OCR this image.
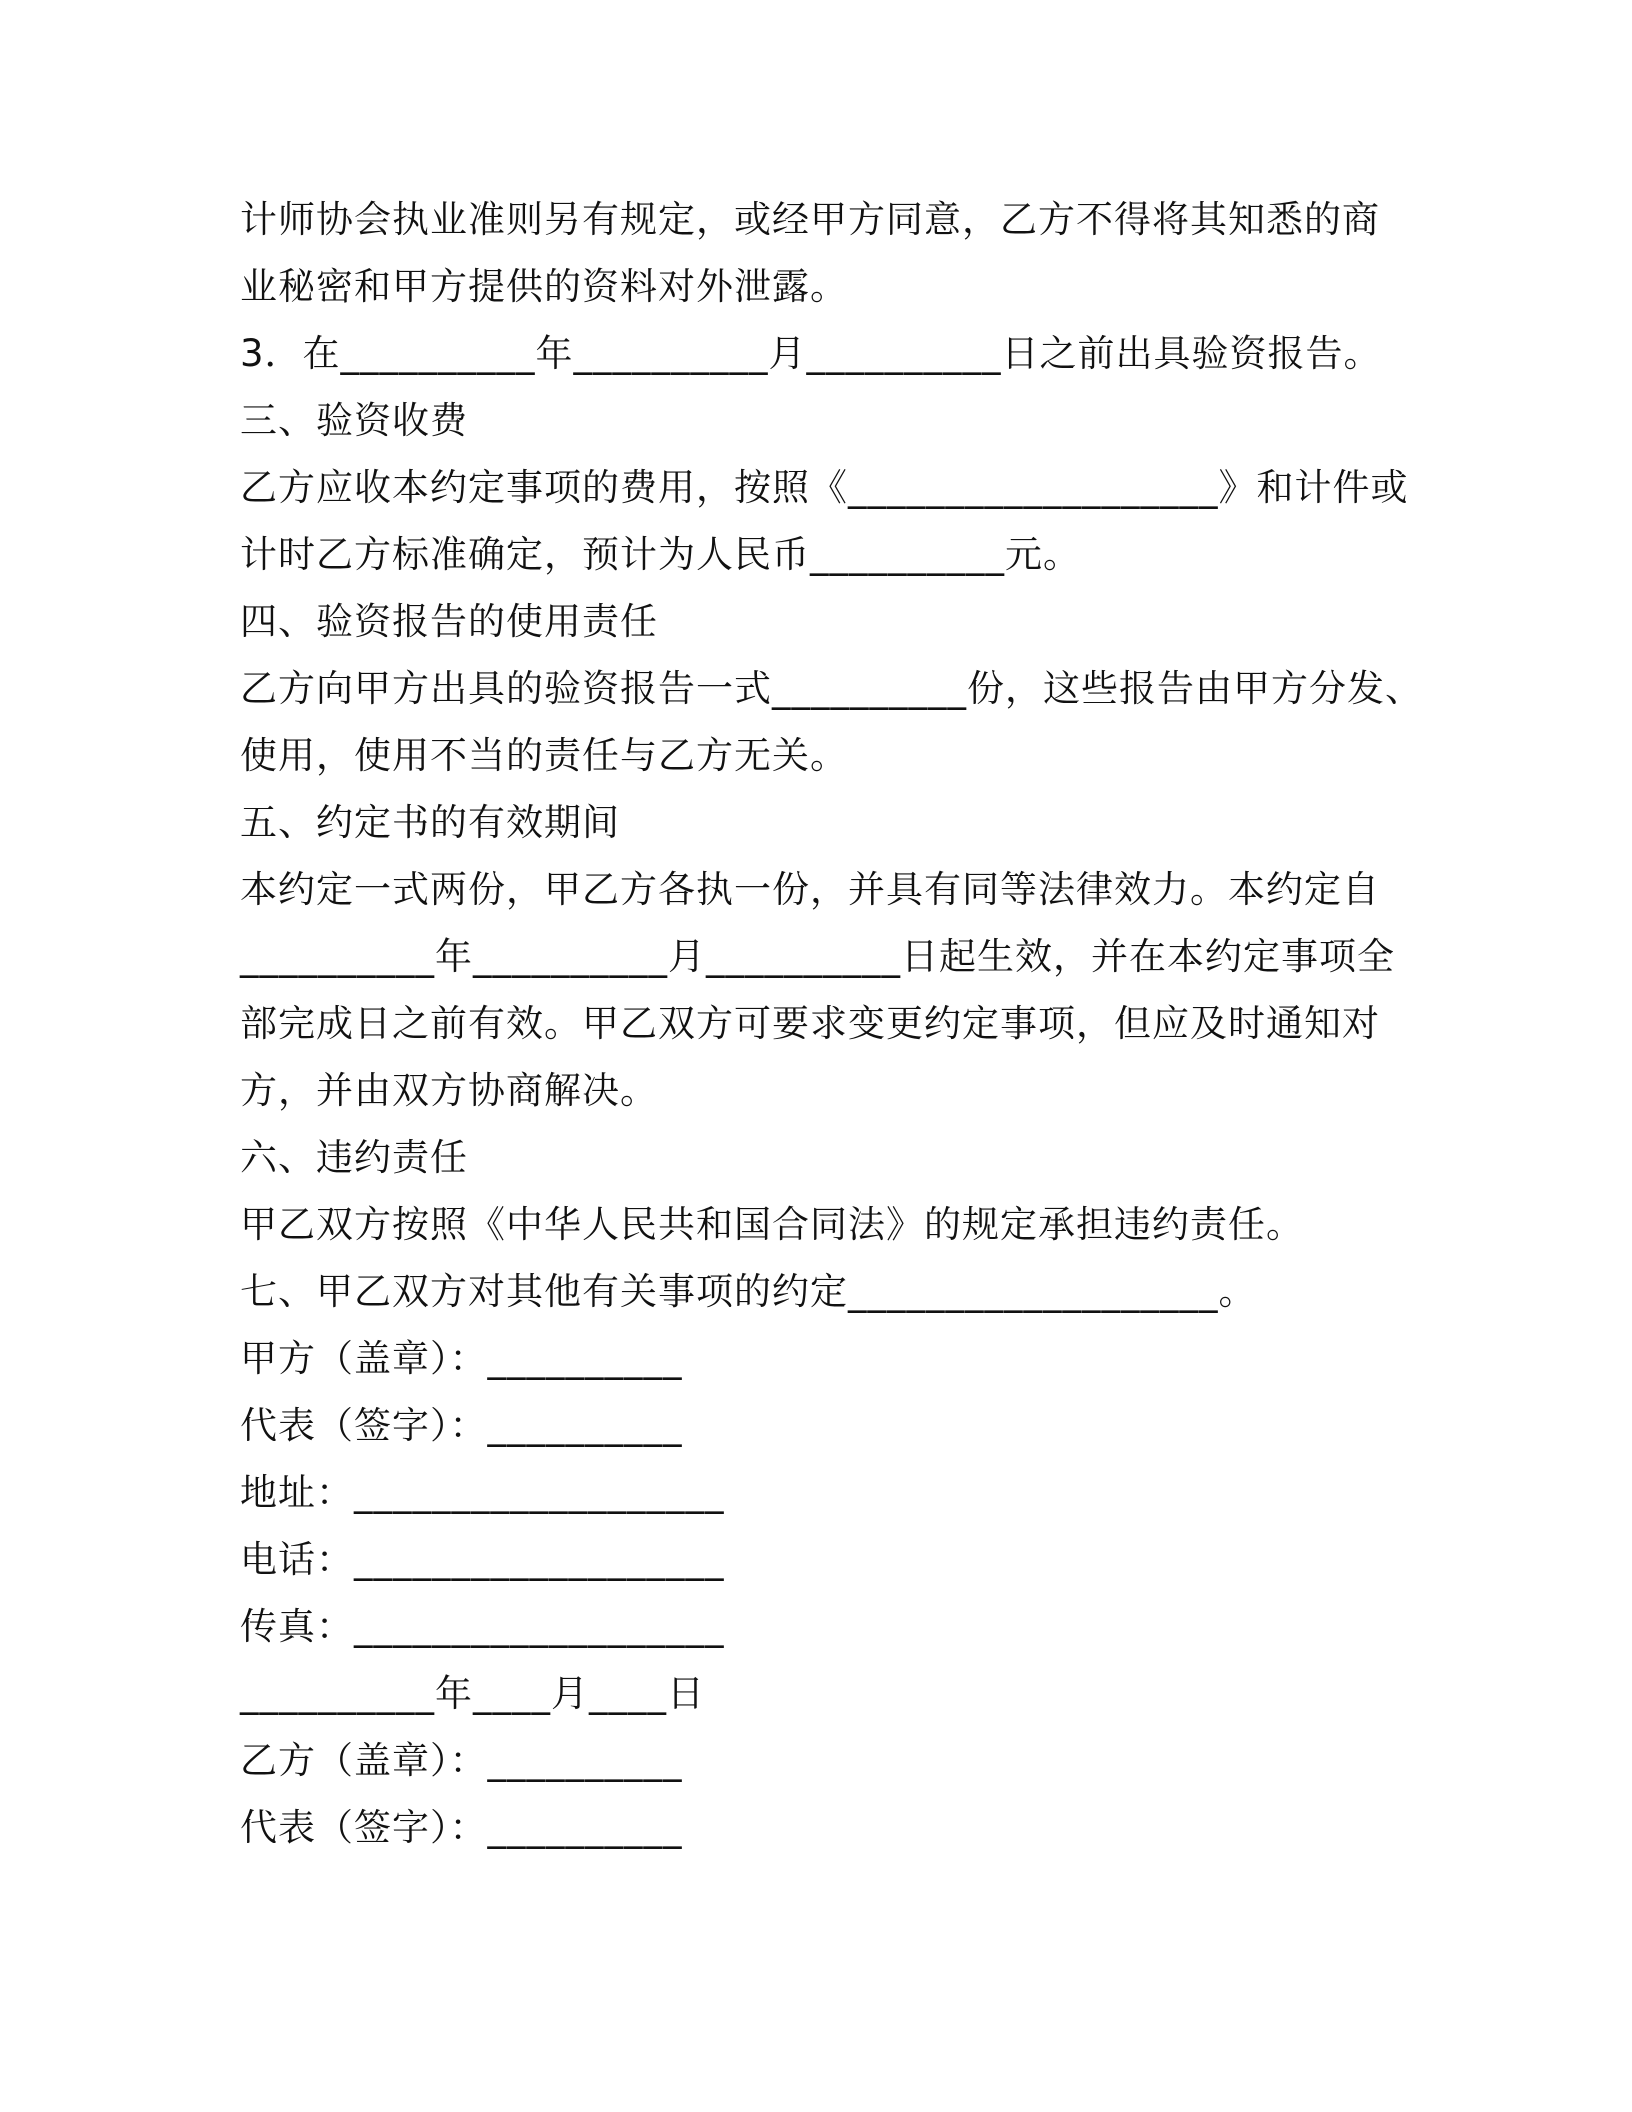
计师协会执业准则另有规定，或经甲方同意，乙方不得将其知悉的商
业秘密和甲方提供的资料对外泄露。
3．在__________年__________月__________日之前出具验资报告。
三、验资收费
乙方应收本约定事项的费用，按照《___________________》和计件或
计时乙方标准确定，预计为人民币__________元。
四、验资报告的使用责任
乙方向甲方出具的验资报告一式__________份，这些报告由甲方分发、
使用，使用不当的责任与乙方无关。
五、约定书的有效期间
本约定一式两份，甲乙方各执一份，并具有同等法律效力。本约定自
__________年__________月__________日起生效，并在本约定事项全
部完成日之前有效。甲乙双方可要求变更约定事项，但应及时通知对
方，并由双方协商解决。
六、违约责任
甲乙双方按照《中华人民共和国合同法》的规定承担违约责任。
七、甲乙双方对其他有关事项的约定___________________。
甲方（盖章）：__________
代表（签字）：__________
地址：___________________
电话：___________________
传真：___________________
__________年____月____日
乙方（盖章）：__________
代表（签字）：__________
